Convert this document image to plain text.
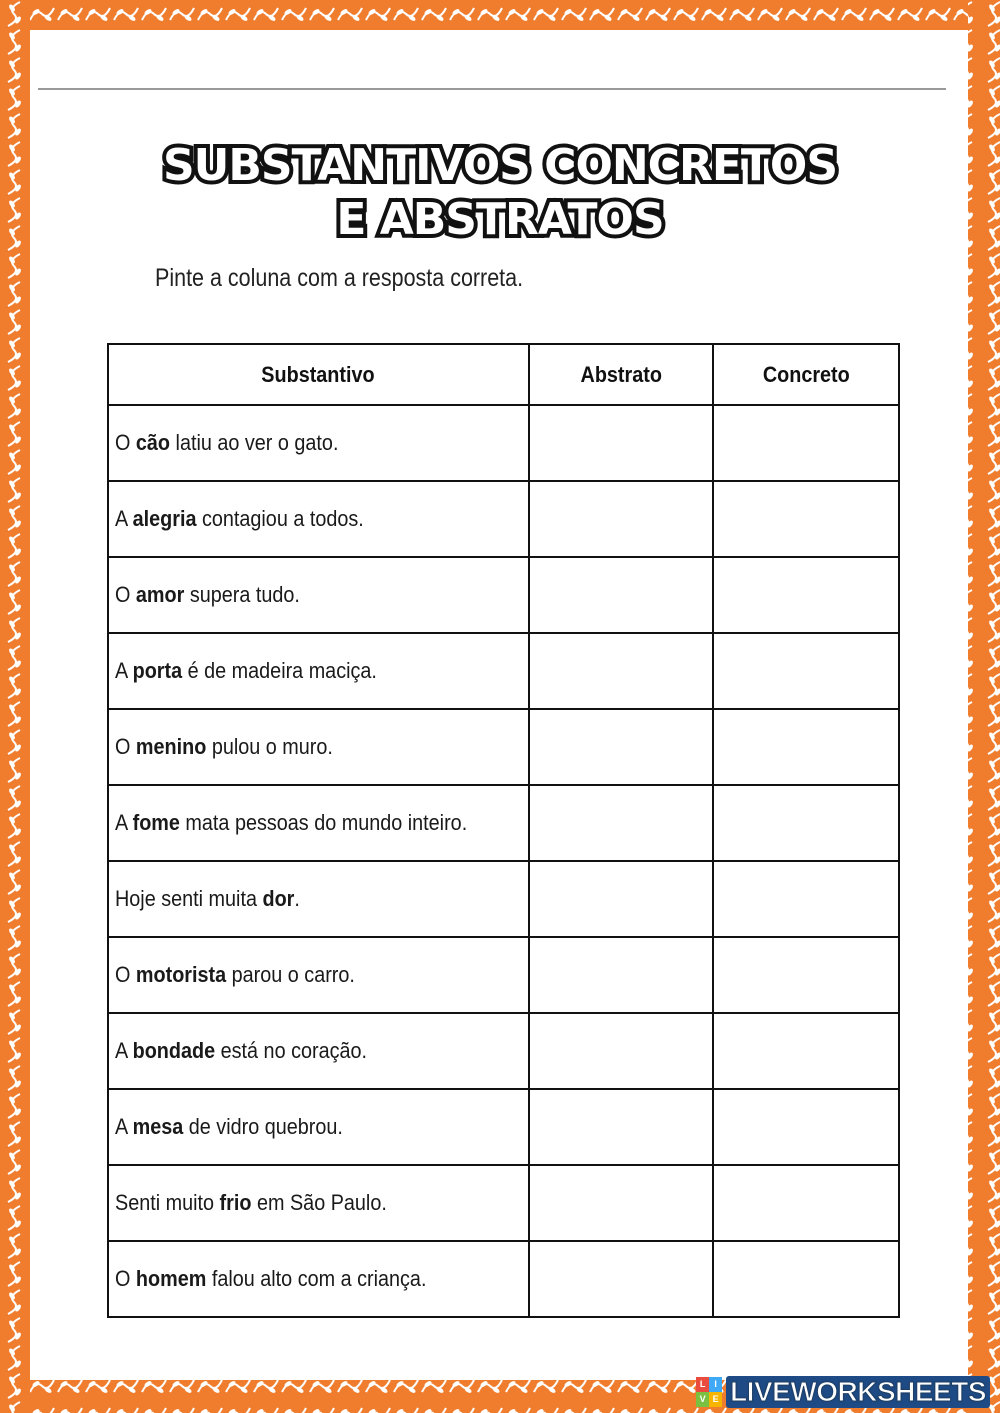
SUBSTANTIVOS CONCRETOS
E ABSTRATOS
Pinte a coluna com a resposta correta.
Substantivo	Abstrato	Concreto
O cão latiu ao ver o gato.		
A alegria contagiou a todos.		
O amor supera tudo.		
A porta é de madeira maciça.		
O menino pulou o muro.		
A fome mata pessoas do mundo inteiro.		
Hoje senti muita dor.		
O motorista parou o carro.		
A bondade está no coração.		
A mesa de vidro quebrou.		
Senti muito frio em São Paulo.		
O homem falou alto com a criança.		
L I
V E LIVEWORKSHEETS
